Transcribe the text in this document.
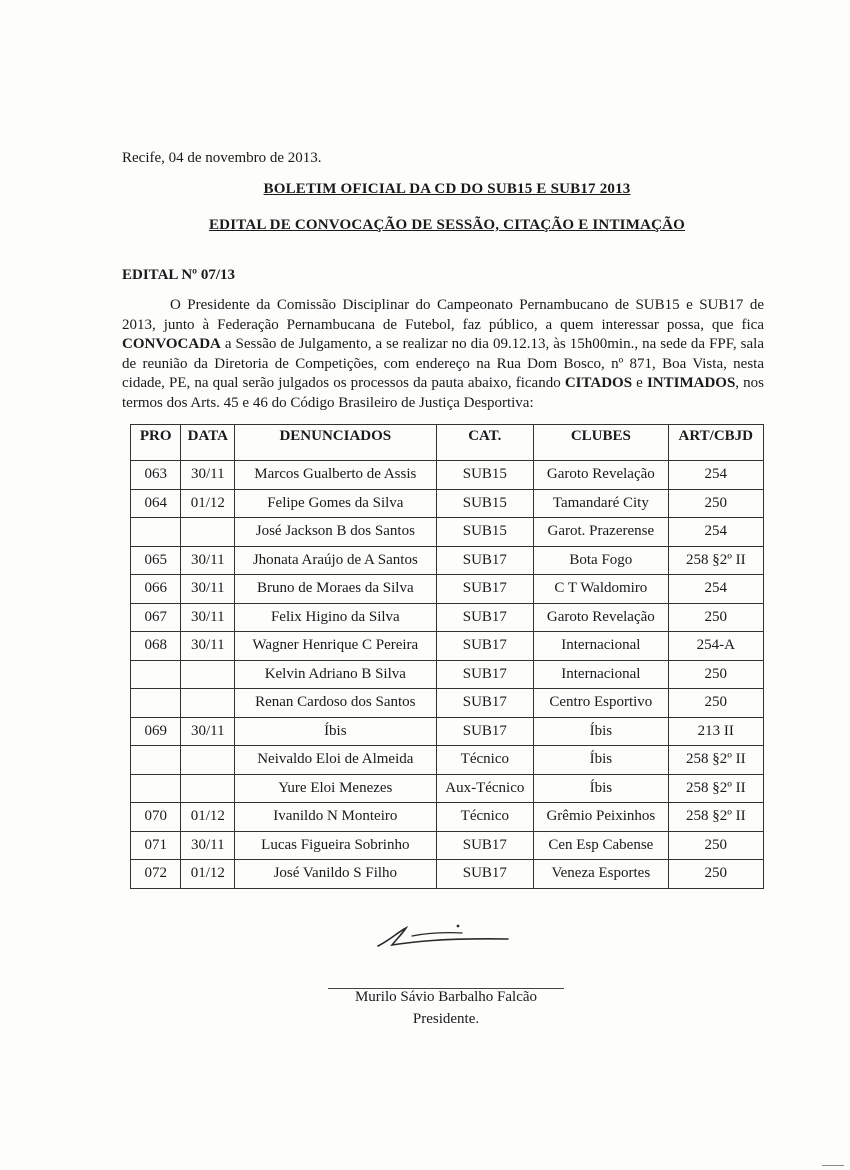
Recife, 04 de novembro de 2013.
BOLETIM OFICIAL DA CD DO SUB15 E SUB17 2013
EDITAL DE CONVOCAÇÃO DE SESSÃO, CITAÇÃO E INTIMAÇÃO
EDITAL Nº 07/13
O Presidente da Comissão Disciplinar do Campeonato Pernambucano de SUB15 e SUB17 de 2013, junto à Federação Pernambucana de Futebol, faz público, a quem interessar possa, que fica CONVOCADA a Sessão de Julgamento, a se realizar no dia 09.12.13, às 15h00min., na sede da FPF, sala de reunião da Diretoria de Competições, com endereço na Rua Dom Bosco, nº 871, Boa Vista, nesta cidade, PE, na qual serão julgados os processos da pauta abaixo, ficando CITADOS e INTIMADOS, nos termos dos Arts. 45 e 46 do Código Brasileiro de Justiça Desportiva:
PRO	DATA	DENUNCIADOS	CAT.	CLUBES	ART/CBJD
063	30/11	Marcos Gualberto de Assis	SUB15	Garoto Revelação	254
064	01/12	Felipe Gomes da Silva	SUB15	Tamandaré City	250
		José Jackson B dos Santos	SUB15	Garot. Prazerense	254
065	30/11	Jhonata Araújo de A Santos	SUB17	Bota Fogo	258 §2º II
066	30/11	Bruno de Moraes da Silva	SUB17	C T Waldomiro	254
067	30/11	Felix Higino da Silva	SUB17	Garoto Revelação	250
068	30/11	Wagner Henrique C Pereira	SUB17	Internacional	254-A
		Kelvin Adriano B Silva	SUB17	Internacional	250
		Renan Cardoso dos Santos	SUB17	Centro Esportivo	250
069	30/11	Íbis	SUB17	Íbis	213 II
		Neivaldo Eloi de Almeida	Técnico	Íbis	258 §2º II
		Yure Eloi Menezes	Aux-Técnico	Íbis	258 §2º II
070	01/12	Ivanildo N Monteiro	Técnico	Grêmio Peixinhos	258 §2º II
071	30/11	Lucas Figueira Sobrinho	SUB17	Cen Esp Cabense	250
072	01/12	José Vanildo S Filho	SUB17	Veneza Esportes	250
Murilo Sávio Barbalho Falcão
Presidente.
